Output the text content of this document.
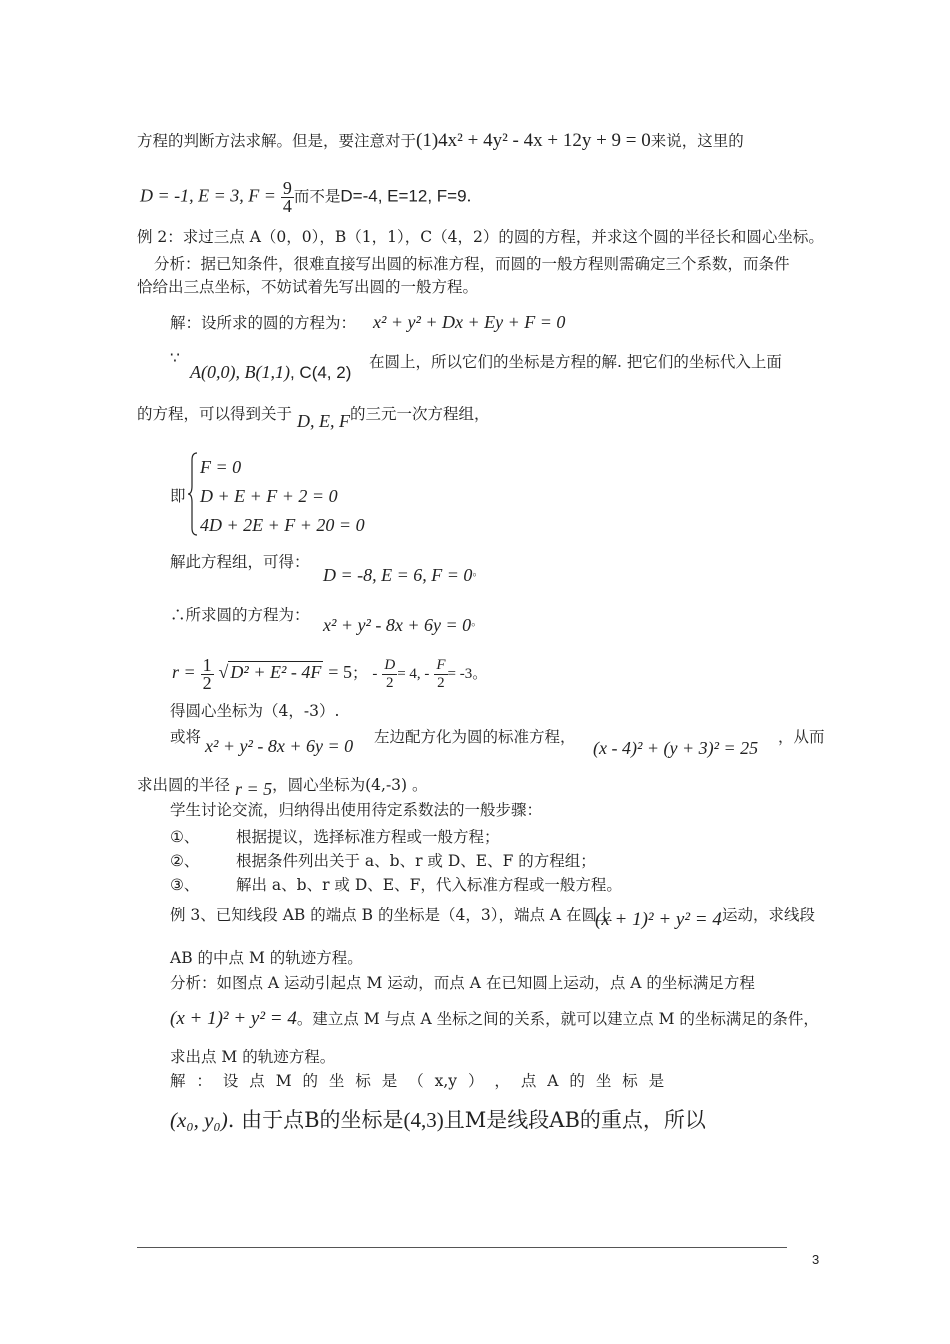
方程的判断方法求解。但是，要注意对于(1)4x² + 4y² - 4x + 12y + 9 = 0来说，这里的
D = -1, E = 3, $F = \frac{9}{4}$ 而不是D=-4, E=12, F=9.
例 2：求过三点 A（0，0），B（1，1），C（4，2）的圆的方程，并求这个圆的半径长和圆心坐标。
分析：据已知条件，很难直接写出圆的标准方程，而圆的一般方程则需确定三个系数，而条件
恰给出三点坐标，不妨试着先写出圆的一般方程。
解：设所求的圆的方程为： x² + y² + Dx + Ey + F = 0
∵
A(0,0), B(1,1), C(4, 2)
在圆上，所以它们的坐标是方程的解. 把它们的坐标代入上面
的方程，可以得到关于 D, E, F的三元一次方程组，
即
F = 0
D + E + F + 2 = 0
4D + 2E + F + 20 = 0
解此方程组，可得：
D = -8, E = 6, F = 0。
∴所求圆的方程为：
x² + y² - 8x + 6y = 0。
$r = \frac{1}{2}$ √ D² + E² - 4F = 5； - $\frac{D}{2} = 4$, - $\frac{F}{2} = -3$。
得圆心坐标为（4，-3）.
或将 x² + y² - 8x + 6y = 0 左边配方化为圆的标准方程，
(x - 4)² + (y + 3)² = 25
，从而
求出圆的半径 r = 5，圆心坐标为(4,-3) 。
学生讨论交流，归纳得出使用待定系数法的一般步骤：
①、 根据提议，选择标准方程或一般方程；
②、 根据条件列出关于 a、b、r 或 D、E、F 的方程组；
③、 解出 a、b、r 或 D、E、F，代入标准方程或一般方程。
例 3、已知线段 AB 的端点 B 的坐标是（4，3），端点 A 在圆上
(x + 1)² + y² = 4 运动，求线段
AB 的中点 M 的轨迹方程。
分析：如图点 A 运动引起点 M 运动，而点 A 在已知圆上运动，点 A 的坐标满足方程
(x + 1)² + y² = 4。建立点 M 与点 A 坐标之间的关系，就可以建立点 M 的坐标满足的条件，
求出点 M 的轨迹方程。
解 ： 设 点 M 的 坐 标 是 （ x,y ） ， 点 A 的 坐 标 是
(x₀, y₀). 由于点B的坐标是(4,3)且M是线段AB的重点，所以
3
